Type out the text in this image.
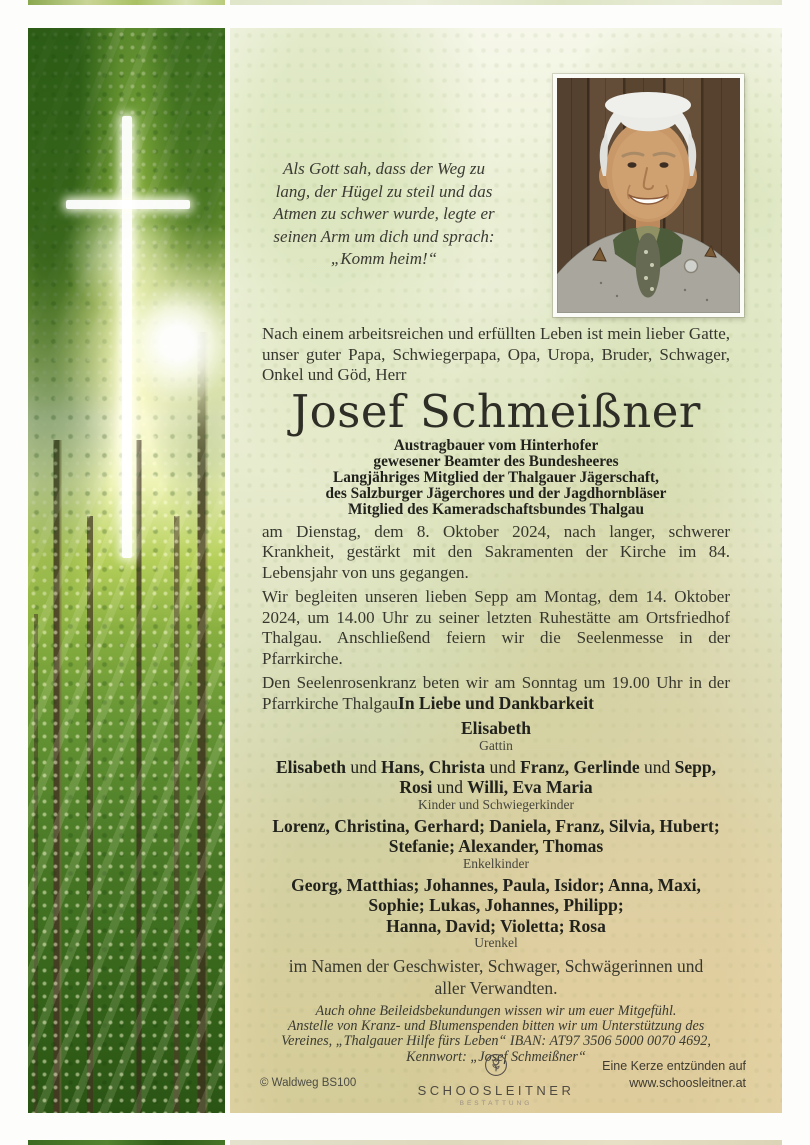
Als Gott sah, dass der Weg zu
lang, der Hügel zu steil und das
Atmen zu schwer wurde, legte er
seinen Arm um dich und sprach:
„Komm heim!“

Nach einem arbeitsreichen und erfüllten Leben ist mein lieber Gatte, unser guter Papa, Schwiegerpapa, Opa, Uropa, Bruder, Schwager, Onkel und Göd, Herr

Josef Schmeißner
Austragbauer vom Hinterhofer
gewesener Beamter des Bundesheeres
Langjähriges Mitglied der Thalgauer Jägerschaft,
des Salzburger Jägerchores und der Jagdhornbläser
Mitglied des Kameradschaftsbundes Thalgau

am Dienstag, dem 8. Oktober 2024, nach langer, schwerer Krankheit, gestärkt mit den Sakramenten der Kirche im 84. Lebensjahr von uns gegangen.

Wir begleiten unseren lieben Sepp am Montag, dem 14. Oktober 2024, um 14.00 Uhr zu seiner letzten Ruhestätte am Ortsfriedhof Thalgau. Anschließend feiern wir die Seelenmesse in der Pfarrkirche.

Den Seelenrosenkranz beten wir am Sonntag um 19.00 Uhr in der Pfarrkirche Thalgau In Liebe und Dankbarkeit
Elisabeth
Gattin
Elisabeth und Hans, Christa und Franz, Gerlinde und Sepp,
Rosi und Willi, Eva Maria
Kinder und Schwiegerkinder
Lorenz, Christina, Gerhard; Daniela, Franz, Silvia, Hubert;
Stefanie; Alexander, Thomas
Enkelkinder
Georg, Matthias; Johannes, Paula, Isidor; Anna, Maxi,
Sophie; Lukas, Johannes, Philipp;
Hanna, David; Violetta; Rosa
Urenkel
im Namen der Geschwister, Schwager, Schwägerinnen und
aller Verwandten.
Auch ohne Beileidsbekundungen wissen wir um euer Mitgefühl.
Anstelle von Kranz- und Blumenspenden bitten wir um Unterstützung des
Vereines, „Thalgauer Hilfe fürs Leben“ IBAN: AT97 3506 5000 0070 4692,
Kennwort: „Josef Schmeißner“
© Waldweg BS100	SCHOOSLEITNER
BESTATTUNG
Eine Kerze entzünden auf
www.schoosleitner.at
